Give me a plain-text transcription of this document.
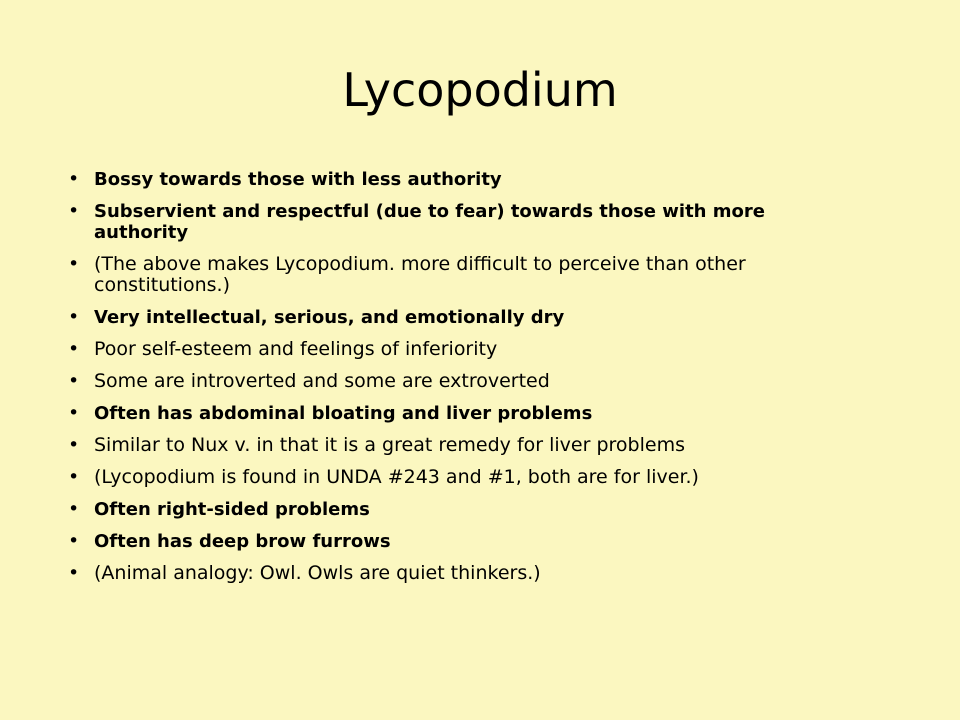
Lycopodium
• Bossy towards those with less authority
• Subservient and respectful (due to fear) towards those with more authority
• (The above makes Lycopodium. more difficult to perceive than other constitutions.)
• Very intellectual, serious, and emotionally dry
• Poor self-esteem and feelings of inferiority
• Some are introverted and some are extroverted
• Often has abdominal bloating and liver problems
• Similar to Nux v. in that it is a great remedy for liver problems
• (Lycopodium is found in UNDA #243 and #1, both are for liver.)
• Often right-sided problems
• Often has deep brow furrows
• (Animal analogy: Owl. Owls are quiet thinkers.)
